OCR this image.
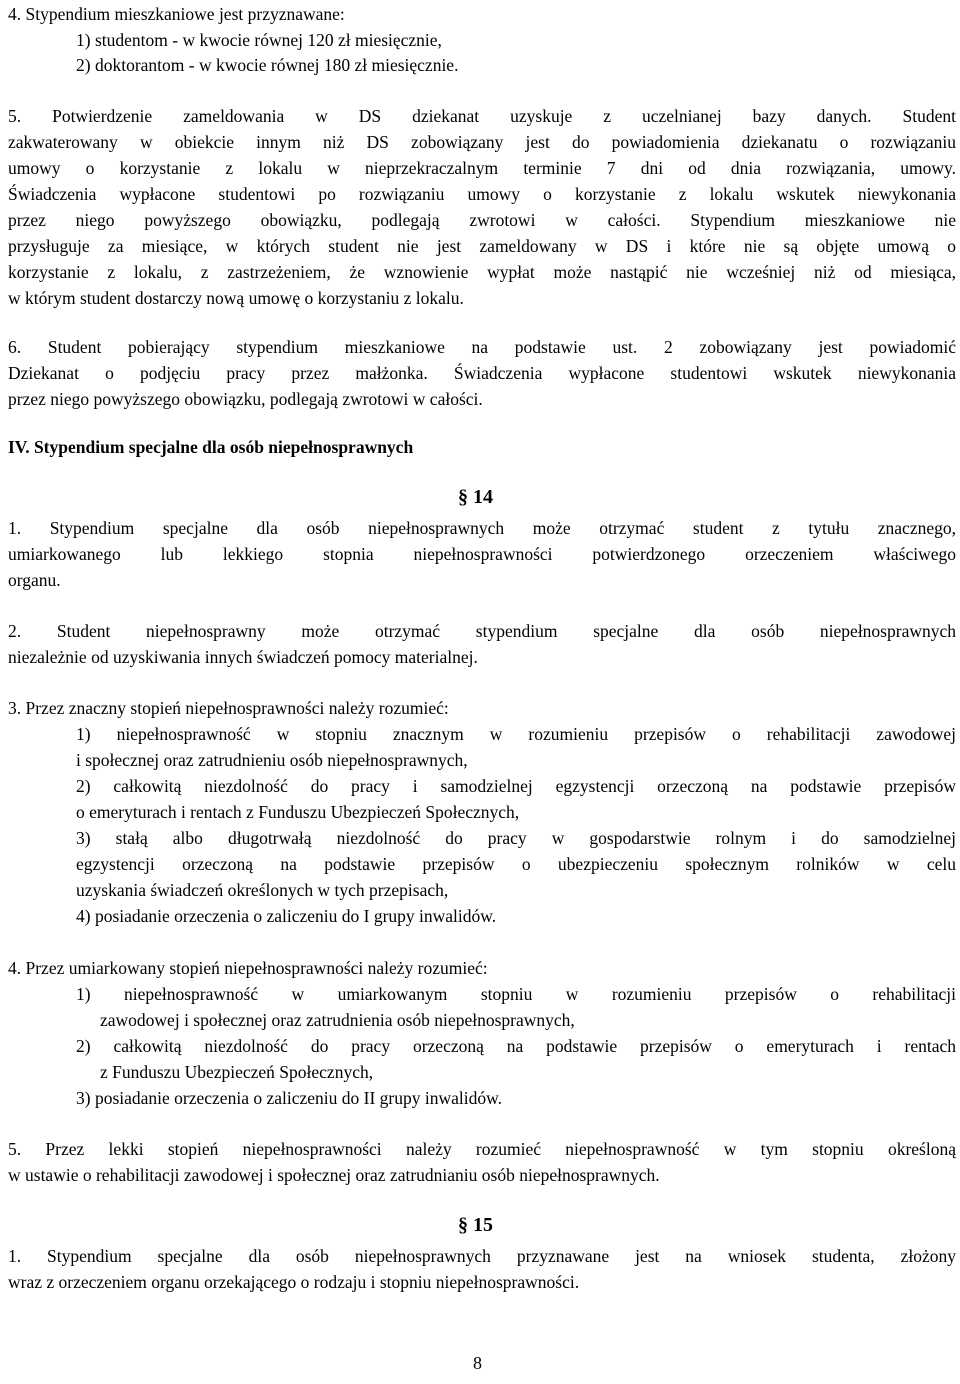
4. Stypendium mieszkaniowe jest przyznawane:
1) studentom - w kwocie równej 120 zł miesięcznie,
2) doktorantom - w kwocie równej 180 zł miesięcznie.
5. Potwierdzenie zameldowania w DS dziekanat uzyskuje z uczelnianej bazy danych. Student
zakwaterowany w obiekcie innym niż DS zobowiązany jest do powiadomienia dziekanatu o rozwiązaniu
umowy o korzystanie z lokalu w nieprzekraczalnym terminie 7 dni od dnia rozwiązania, umowy.
Świadczenia wypłacone studentowi po rozwiązaniu umowy o korzystanie z lokalu wskutek niewykonania
przez niego powyższego obowiązku, podlegają zwrotowi w całości. Stypendium mieszkaniowe nie
przysługuje za miesiące, w których student nie jest zameldowany w DS i które nie są objęte umową o
korzystanie z lokalu, z zastrzeżeniem, że wznowienie wypłat może nastąpić nie wcześniej niż od miesiąca,
w którym student dostarczy nową umowę o korzystaniu z lokalu.
6. Student pobierający stypendium mieszkaniowe na podstawie ust. 2 zobowiązany jest powiadomić
Dziekanat o podjęciu pracy przez małżonka. Świadczenia wypłacone studentowi wskutek niewykonania
przez niego powyższego obowiązku, podlegają zwrotowi w całości.
IV. Stypendium specjalne dla osób niepełnosprawnych
§ 14
1. Stypendium specjalne dla osób niepełnosprawnych może otrzymać student z tytułu znacznego,
umiarkowanego lub lekkiego stopnia niepełnosprawności potwierdzonego orzeczeniem właściwego
organu.
2. Student niepełnosprawny może otrzymać stypendium specjalne dla osób niepełnosprawnych
niezależnie od uzyskiwania innych świadczeń pomocy materialnej.
3. Przez znaczny stopień niepełnosprawności należy rozumieć:
1) niepełnosprawność w stopniu znacznym w rozumieniu przepisów o rehabilitacji zawodowej
i społecznej oraz zatrudnieniu osób niepełnosprawnych,
2) całkowitą niezdolność do pracy i samodzielnej egzystencji orzeczoną na podstawie przepisów
o emeryturach i rentach z Funduszu Ubezpieczeń Społecznych,
3) stałą albo długotrwałą niezdolność do pracy w gospodarstwie rolnym i do samodzielnej
egzystencji orzeczoną na podstawie przepisów o ubezpieczeniu społecznym rolników w celu
uzyskania świadczeń określonych w tych przepisach,
4) posiadanie orzeczenia o zaliczeniu do I grupy inwalidów.
4. Przez umiarkowany stopień niepełnosprawności należy rozumieć:
1) niepełnosprawność w umiarkowanym stopniu w rozumieniu przepisów o rehabilitacji
zawodowej i społecznej oraz zatrudnienia osób niepełnosprawnych,
2) całkowitą niezdolność do pracy orzeczoną na podstawie przepisów o emeryturach i rentach
z Funduszu Ubezpieczeń Społecznych,
3) posiadanie orzeczenia o zaliczeniu do II grupy inwalidów.
5. Przez lekki stopień niepełnosprawności należy rozumieć niepełnosprawność w tym stopniu określoną
w ustawie o rehabilitacji zawodowej i społecznej oraz zatrudnianiu osób niepełnosprawnych.
§ 15
1. Stypendium specjalne dla osób niepełnosprawnych przyznawane jest na wniosek studenta, złożony
wraz z orzeczeniem organu orzekającego o rodzaju i stopniu niepełnosprawności.
8
